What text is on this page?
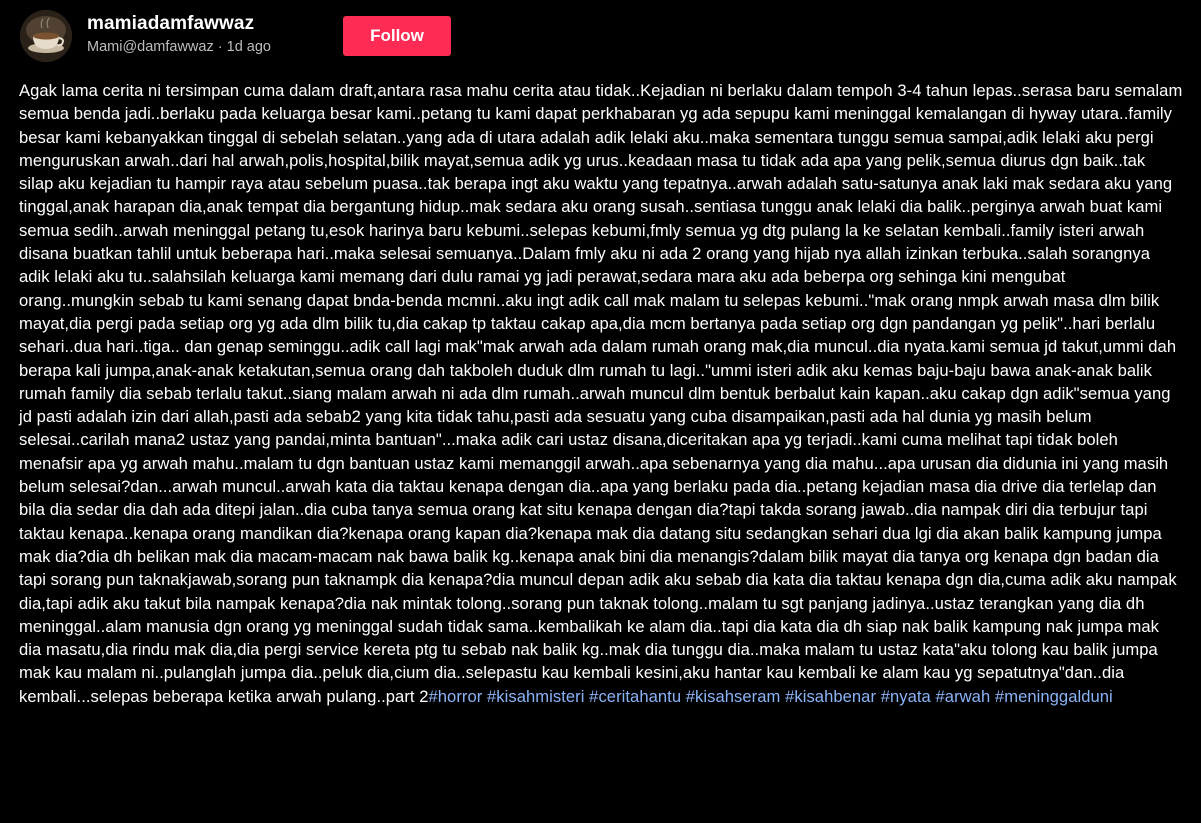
mamiadamfawwaz
Mami@damfawwaz · 1d ago
Follow
Agak lama cerita ni tersimpan cuma dalam draft,antara rasa mahu cerita atau tidak..Kejadian ni berlaku dalam tempoh 3-4 tahun lepas..serasa baru semalam semua benda jadi..berlaku pada keluarga besar kami..petang tu kami dapat perkhabaran yg ada sepupu kami meninggal kemalangan di hyway utara..family besar kami kebanyakkan tinggal di sebelah selatan..yang ada di utara adalah adik lelaki aku..maka sementara tunggu semua sampai,adik lelaki aku pergi menguruskan arwah..dari hal arwah,polis,hospital,bilik mayat,semua adik yg urus..keadaan masa tu tidak ada apa yang pelik,semua diurus dgn baik..tak silap aku kejadian tu hampir raya atau sebelum puasa..tak berapa ingt aku waktu yang tepatnya..arwah adalah satu-satunya anak laki mak sedara aku yang tinggal,anak harapan dia,anak tempat dia bergantung hidup..mak sedara aku orang susah..sentiasa tunggu anak lelaki dia balik..perginya arwah buat kami semua sedih..arwah meninggal petang tu,esok harinya baru kebumi..selepas kebumi,fmly semua yg dtg pulang la ke selatan kembali..family isteri arwah disana buatkan tahlil untuk beberapa hari..maka selesai semuanya..Dalam fmly aku ni ada 2 orang yang hijab nya allah izinkan terbuka..salah sorangnya adik lelaki aku tu..salahsilah keluarga kami memang dari dulu ramai yg jadi perawat,sedara mara aku ada beberpa org sehinga kini mengubat orang..mungkin sebab tu kami senang dapat bnda-benda mcmni..aku ingt adik call mak malam tu selepas kebumi.."mak orang nmpk arwah masa dlm bilik mayat,dia pergi pada setiap org yg ada dlm bilik tu,dia cakap tp taktau cakap apa,dia mcm bertanya pada setiap org dgn pandangan yg pelik"..hari berlalu sehari..dua hari..tiga.. dan genap seminggu..adik call lagi mak"mak arwah ada dalam rumah orang mak,dia muncul..dia nyata.kami semua jd takut,ummi dah berapa kali jumpa,anak-anak ketakutan,semua orang dah takboleh duduk dlm rumah tu lagi.."ummi isteri adik aku kemas baju-baju bawa anak-anak balik rumah family dia sebab terlalu takut..siang malam arwah ni ada dlm rumah..arwah muncul dlm bentuk berbalut kain kapan..aku cakap dgn adik"semua yang jd pasti adalah izin dari allah,pasti ada sebab2 yang kita tidak tahu,pasti ada sesuatu yang cuba disampaikan,pasti ada hal dunia yg masih belum selesai..carilah mana2 ustaz yang pandai,minta bantuan"...maka adik cari ustaz disana,diceritakan apa yg terjadi..kami cuma melihat tapi tidak boleh menafsir apa yg arwah mahu..malam tu dgn bantuan ustaz kami memanggil arwah..apa sebenarnya yang dia mahu...apa urusan dia didunia ini yang masih belum selesai?dan...arwah muncul..arwah kata dia taktau kenapa dengan dia..apa yang berlaku pada dia..petang kejadian masa dia drive dia terlelap dan bila dia sedar dia dah ada ditepi jalan..dia cuba tanya semua orang kat situ kenapa dengan dia?tapi takda sorang jawab..dia nampak diri dia terbujur tapi taktau kenapa..kenapa orang mandikan dia?kenapa orang kapan dia?kenapa mak dia datang situ sedangkan sehari dua lgi dia akan balik kampung jumpa mak dia?dia dh belikan mak dia macam-macam nak bawa balik kg..kenapa anak bini dia menangis?dalam bilik mayat dia tanya org kenapa dgn badan dia tapi sorang pun taknakjawab,sorang pun taknampk dia kenapa?dia muncul depan adik aku sebab dia kata dia taktau kenapa dgn dia,cuma adik aku nampak dia,tapi adik aku takut bila nampak kenapa?dia nak mintak tolong..sorang pun taknak tolong..malam tu sgt panjang jadinya..ustaz terangkan yang dia dh meninggal..alam manusia dgn orang yg meninggal sudah tidak sama..kembalikah ke alam dia..tapi dia kata dia dh siap nak balik kampung nak jumpa mak dia masatu,dia rindu mak dia,dia pergi service kereta ptg tu sebab nak balik kg..mak dia tunggu dia..maka malam tu ustaz kata"aku tolong kau balik jumpa mak kau malam ni..pulanglah jumpa dia..peluk dia,cium dia..selepastu kau kembali kesini,aku hantar kau kembali ke alam kau yg sepatutnya"dan..dia kembali...selepas beberapa ketika arwah pulang..part 2#horror #kisahmisteri #ceritahantu #kisahseram #kisahbenar #nyata #arwah #meninggalduni
